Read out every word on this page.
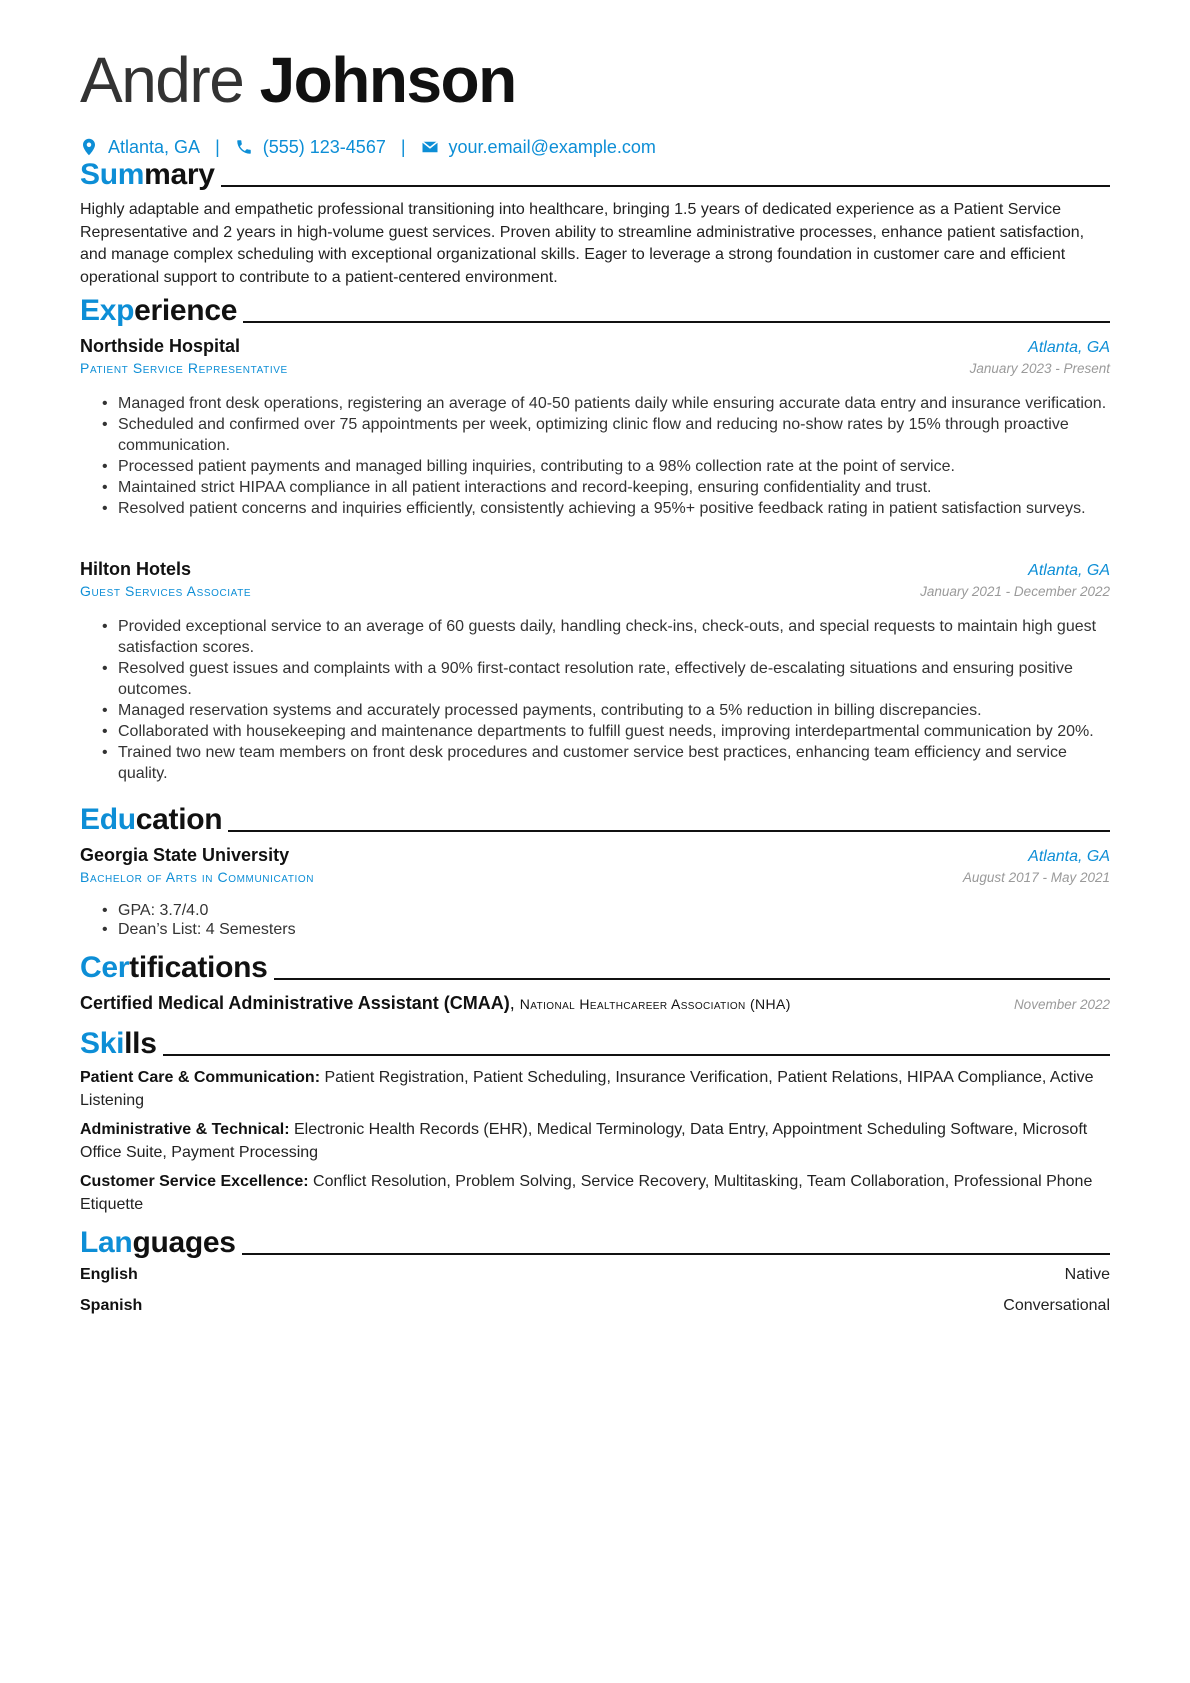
Andre Johnson
Atlanta, GA | (555) 123-4567 | your.email@example.com
Summary
Highly adaptable and empathetic professional transitioning into healthcare, bringing 1.5 years of dedicated experience as a Patient Service Representative and 2 years in high-volume guest services. Proven ability to streamline administrative processes, enhance patient satisfaction, and manage complex scheduling with exceptional organizational skills. Eager to leverage a strong foundation in customer care and efficient operational support to contribute to a patient-centered environment.
Experience
Northside Hospital	Atlanta, GA
Patient Service Representative	January 2023 - Present
• Managed front desk operations, registering an average of 40-50 patients daily while ensuring accurate data entry and insurance verification.
• Scheduled and confirmed over 75 appointments per week, optimizing clinic flow and reducing no-show rates by 15% through proactive communication.
• Processed patient payments and managed billing inquiries, contributing to a 98% collection rate at the point of service.
• Maintained strict HIPAA compliance in all patient interactions and record-keeping, ensuring confidentiality and trust.
• Resolved patient concerns and inquiries efficiently, consistently achieving a 95%+ positive feedback rating in patient satisfaction surveys.
Hilton Hotels	Atlanta, GA
Guest Services Associate	January 2021 - December 2022
• Provided exceptional service to an average of 60 guests daily, handling check-ins, check-outs, and special requests to maintain high guest satisfaction scores.
• Resolved guest issues and complaints with a 90% first-contact resolution rate, effectively de-escalating situations and ensuring positive outcomes.
• Managed reservation systems and accurately processed payments, contributing to a 5% reduction in billing discrepancies.
• Collaborated with housekeeping and maintenance departments to fulfill guest needs, improving interdepartmental communication by 20%.
• Trained two new team members on front desk procedures and customer service best practices, enhancing team efficiency and service quality.
Education
Georgia State University	Atlanta, GA
Bachelor of Arts in Communication	August 2017 - May 2021
• GPA: 3.7/4.0
• Dean’s List: 4 Semesters
Certifications
Certified Medical Administrative Assistant (CMAA), National Healthcareer Association (NHA)	November 2022
Skills
Patient Care & Communication: Patient Registration, Patient Scheduling, Insurance Verification, Patient Relations, HIPAA Compliance, Active Listening
Administrative & Technical: Electronic Health Records (EHR), Medical Terminology, Data Entry, Appointment Scheduling Software, Microsoft Office Suite, Payment Processing
Customer Service Excellence: Conflict Resolution, Problem Solving, Service Recovery, Multitasking, Team Collaboration, Professional Phone Etiquette
Languages
English	Native
Spanish	Conversational
